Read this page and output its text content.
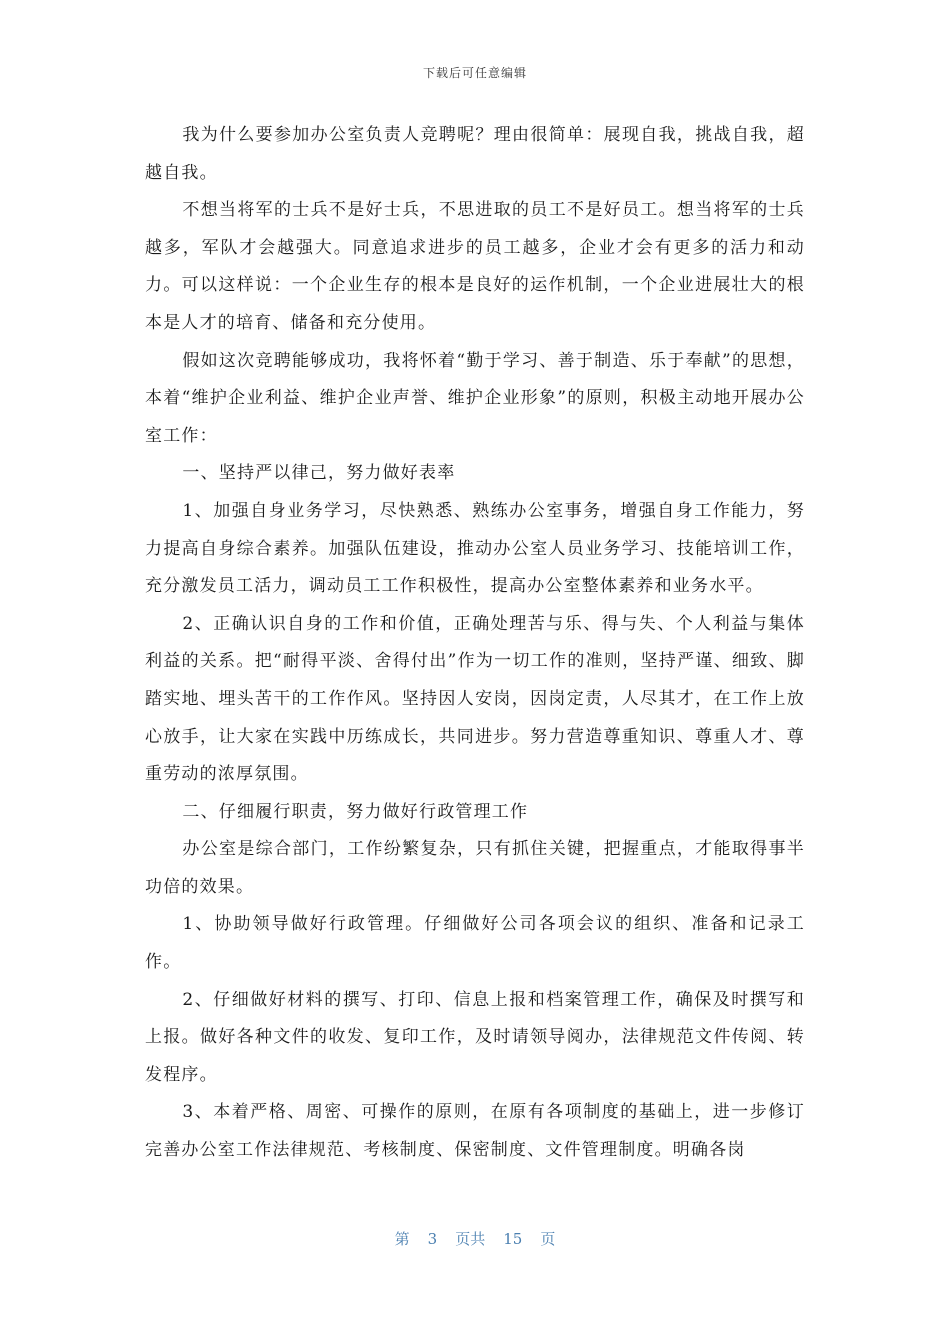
下载后可任意编辑

我为什么要参加办公室负责人竞聘呢？理由很简单：展现自我，挑战自我，超越自我。

不想当将军的士兵不是好士兵，不思进取的员工不是好员工。想当将军的士兵越多，军队才会越强大。同意追求进步的员工越多，企业才会有更多的活力和动力。可以这样说：一个企业生存的根本是良好的运作机制，一个企业进展壮大的根本是人才的培育、储备和充分使用。

假如这次竞聘能够成功，我将怀着“勤于学习、善于制造、乐于奉献”的思想，本着“维护企业利益、维护企业声誉、维护企业形象”的原则，积极主动地开展办公室工作：

一、坚持严以律己，努力做好表率

1、加强自身业务学习，尽快熟悉、熟练办公室事务，增强自身工作能力，努力提高自身综合素养。加强队伍建设，推动办公室人员业务学习、技能培训工作，充分激发员工活力，调动员工工作积极性，提高办公室整体素养和业务水平。

2、正确认识自身的工作和价值，正确处理苦与乐、得与失、个人利益与集体利益的关系。把“耐得平淡、舍得付出”作为一切工作的准则，坚持严谨、细致、脚踏实地、埋头苦干的工作作风。坚持因人安岗，因岗定责，人尽其才，在工作上放心放手，让大家在实践中历练成长，共同进步。努力营造尊重知识、尊重人才、尊重劳动的浓厚氛围。

二、仔细履行职责，努力做好行政管理工作

办公室是综合部门，工作纷繁复杂，只有抓住关键，把握重点，才能取得事半功倍的效果。

1、协助领导做好行政管理。仔细做好公司各项会议的组织、准备和记录工作。

2、仔细做好材料的撰写、打印、信息上报和档案管理工作，确保及时撰写和上报。做好各种文件的收发、复印工作，及时请领导阅办，法律规范文件传阅、转发程序。

3、本着严格、周密、可操作的原则，在原有各项制度的基础上，进一步修订完善办公室工作法律规范、考核制度、保密制度、文件管理制度。明确各岗

第 3 页共 15 页
